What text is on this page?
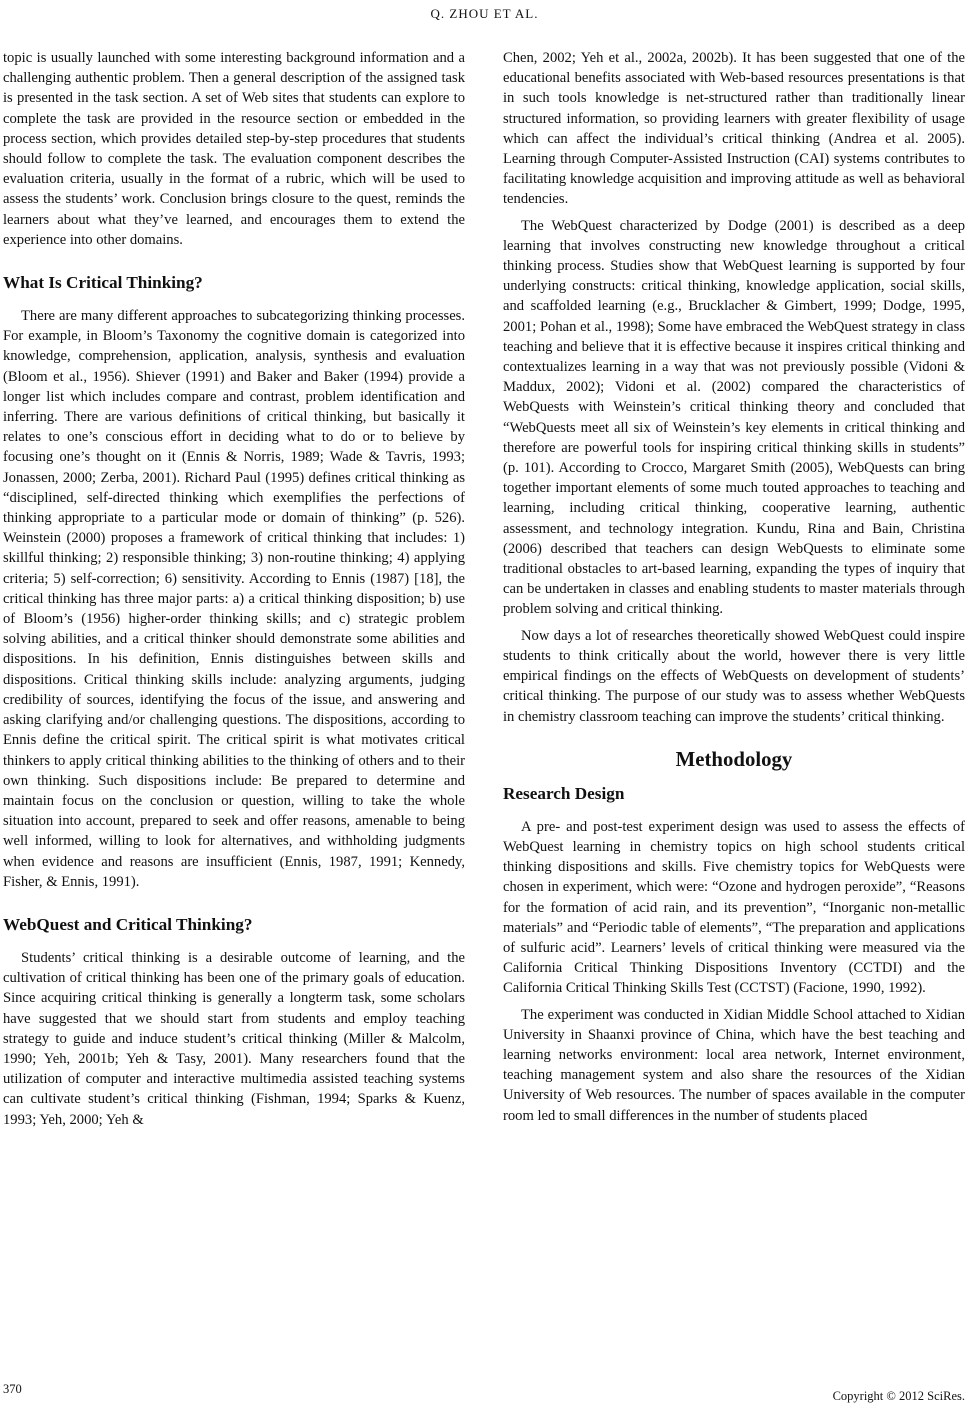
Q. ZHOU ET AL.

topic is usually launched with some interesting background information and a challenging authentic problem. Then a general description of the assigned task is presented in the task section. A set of Web sites that students can explore to complete the task are provided in the resource section or embedded in the process section, which provides detailed step-by-step procedures that students should follow to complete the task. The evaluation component describes the evaluation criteria, usually in the format of a rubric, which will be used to assess the students’ work. Conclusion brings closure to the quest, reminds the learners about what they’ve learned, and encourages them to extend the experience into other domains.

What Is Critical Thinking?

There are many different approaches to subcategorizing thinking processes. For example, in Bloom’s Taxonomy the cognitive domain is categorized into knowledge, comprehension, application, analysis, synthesis and evaluation (Bloom et al., 1956). Shiever (1991) and Baker and Baker (1994) provide a longer list which includes compare and contrast, problem identification and inferring. There are various definitions of critical thinking, but basically it relates to one’s conscious effort in deciding what to do or to believe by focusing one’s thought on it (Ennis & Norris, 1989; Wade & Tavris, 1993; Jonassen, 2000; Zerba, 2001). Richard Paul (1995) defines critical thinking as “disciplined, self-directed thinking which exemplifies the perfections of thinking appropriate to a particular mode or domain of thinking” (p. 526). Weinstein (2000) proposes a framework of critical thinking that includes: 1) skillful thinking; 2) responsible thinking; 3) non-routine thinking; 4) applying criteria; 5) self-correction; 6) sensitivity. According to Ennis (1987) [18], the critical thinking has three major parts: a) a critical thinking disposition; b) use of Bloom’s (1956) higher-order thinking skills; and c) strategic problem solving abilities, and a critical thinker should demonstrate some abilities and dispositions. In his definition, Ennis distinguishes between skills and dispositions. Critical thinking skills include: analyzing arguments, judging credibility of sources, identifying the focus of the issue, and answering and asking clarifying and/or challenging questions. The dispositions, according to Ennis define the critical spirit. The critical spirit is what motivates critical thinkers to apply critical thinking abilities to the thinking of others and to their own thinking. Such dispositions include: Be prepared to determine and maintain focus on the conclusion or question, willing to take the whole situation into account, prepared to seek and offer reasons, amenable to being well informed, willing to look for alternatives, and withholding judgments when evidence and reasons are insufficient (Ennis, 1987, 1991; Kennedy, Fisher, & Ennis, 1991).

WebQuest and Critical Thinking?

Students’ critical thinking is a desirable outcome of learning, and the cultivation of critical thinking has been one of the primary goals of education. Since acquiring critical thinking is generally a longterm task, some scholars have suggested that we should start from students and employ teaching strategy to guide and induce student’s critical thinking (Miller & Malcolm, 1990; Yeh, 2001b; Yeh & Tasy, 2001). Many researchers found that the utilization of computer and interactive multimedia assisted teaching systems can cultivate student’s critical thinking (Fishman, 1994; Sparks & Kuenz, 1993; Yeh, 2000; Yeh &

Chen, 2002; Yeh et al., 2002a, 2002b). It has been suggested that one of the educational benefits associated with Web-based resources presentations is that in such tools knowledge is net-structured rather than traditionally linear structured information, so providing learners with greater flexibility of usage which can affect the individual’s critical thinking (Andrea et al. 2005). Learning through Computer-Assisted Instruction (CAI) systems contributes to facilitating knowledge acquisition and improving attitude as well as behavioral tendencies.

The WebQuest characterized by Dodge (2001) is described as a deep learning that involves constructing new knowledge throughout a critical thinking process. Studies show that WebQuest learning is supported by four underlying constructs: critical thinking, knowledge application, social skills, and scaffolded learning (e.g., Brucklacher & Gimbert, 1999; Dodge, 1995, 2001; Pohan et al., 1998); Some have embraced the WebQuest strategy in class teaching and believe that it is effective because it inspires critical thinking and contextualizes learning in a way that was not previously possible (Vidoni & Maddux, 2002); Vidoni et al. (2002) compared the characteristics of WebQuests with Weinstein’s critical thinking theory and concluded that “WebQuests meet all six of Weinstein’s key elements in critical thinking and therefore are powerful tools for inspiring critical thinking skills in students” (p. 101). According to Crocco, Margaret Smith (2005), WebQuests can bring together important elements of some much touted approaches to teaching and learning, including critical thinking, cooperative learning, authentic assessment, and technology integration. Kundu, Rina and Bain, Christina (2006) described that teachers can design WebQuests to eliminate some traditional obstacles to art-based learning, expanding the types of inquiry that can be undertaken in classes and enabling students to master materials through problem solving and critical thinking.

Now days a lot of researches theoretically showed WebQuest could inspire students to think critically about the world, however there is very little empirical findings on the effects of WebQuests on development of students’ critical thinking. The purpose of our study was to assess whether WebQuests in chemistry classroom teaching can improve the students’ critical thinking.

Methodology
Research Design

A pre- and post-test experiment design was used to assess the effects of WebQuest learning in chemistry topics on high school students critical thinking dispositions and skills. Five chemistry topics for WebQuests were chosen in experiment, which were: “Ozone and hydrogen peroxide”, “Reasons for the formation of acid rain, and its prevention”, “Inorganic non-metallic materials” and “Periodic table of elements”, “The preparation and applications of sulfuric acid”. Learners’ levels of critical thinking were measured via the California Critical Thinking Dispositions Inventory (CCTDI) and the California Critical Thinking Skills Test (CCTST) (Facione, 1990, 1992).

The experiment was conducted in Xidian Middle School attached to Xidian University in Shaanxi province of China, which have the best teaching and learning networks environment: local area network, Internet environment, teaching management system and also share the resources of the Xidian University of Web resources. The number of spaces available in the computer room led to small differences in the number of students placed

370	Copyright © 2012 SciRes.
